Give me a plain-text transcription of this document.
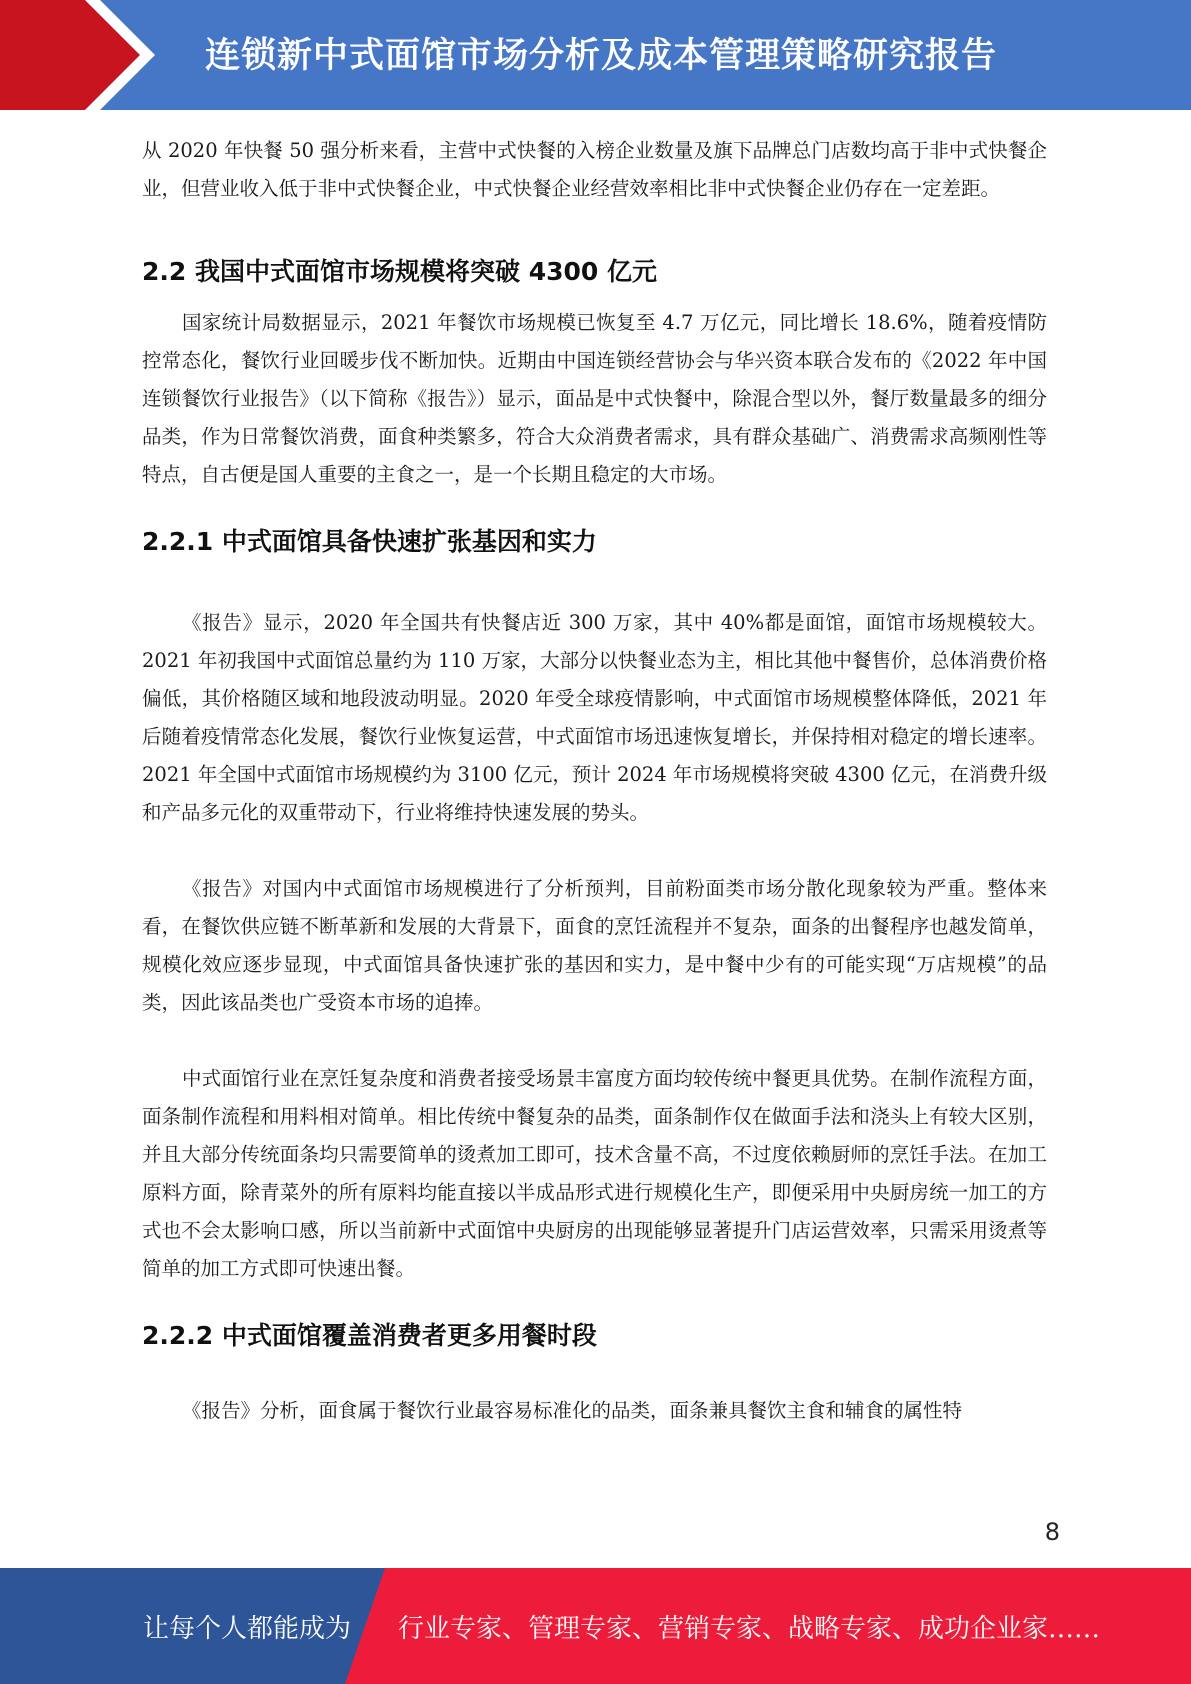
连锁新中式面馆市场分析及成本管理策略研究报告

从 2020 年快餐 50 强分析来看，主营中式快餐的入榜企业数量及旗下品牌总门店数均高于非中式快餐企业，但营业收入低于非中式快餐企业，中式快餐企业经营效率相比非中式快餐企业仍存在一定差距。

2.2 我国中式面馆市场规模将突破 4300 亿元

国家统计局数据显示，2021 年餐饮市场规模已恢复至 4.7 万亿元，同比增长 18.6%，随着疫情防控常态化，餐饮行业回暖步伐不断加快。近期由中国连锁经营协会与华兴资本联合发布的《2022 年中国连锁餐饮行业报告》（以下简称《报告》）显示，面品是中式快餐中，除混合型以外，餐厅数量最多的细分品类，作为日常餐饮消费，面食种类繁多，符合大众消费者需求，具有群众基础广、消费需求高频刚性等特点，自古便是国人重要的主食之一，是一个长期且稳定的大市场。

2.2.1 中式面馆具备快速扩张基因和实力

《报告》显示，2020 年全国共有快餐店近 300 万家，其中 40%都是面馆，面馆市场规模较大。2021 年初我国中式面馆总量约为 110 万家，大部分以快餐业态为主，相比其他中餐售价，总体消费价格偏低，其价格随区域和地段波动明显。2020 年受全球疫情影响，中式面馆市场规模整体降低，2021 年后随着疫情常态化发展，餐饮行业恢复运营，中式面馆市场迅速恢复增长，并保持相对稳定的增长速率。2021 年全国中式面馆市场规模约为 3100 亿元，预计 2024 年市场规模将突破 4300 亿元，在消费升级和产品多元化的双重带动下，行业将维持快速发展的势头。

《报告》对国内中式面馆市场规模进行了分析预判，目前粉面类市场分散化现象较为严重。整体来看，在餐饮供应链不断革新和发展的大背景下，面食的烹饪流程并不复杂，面条的出餐程序也越发简单，规模化效应逐步显现，中式面馆具备快速扩张的基因和实力，是中餐中少有的可能实现“万店规模”的品类，因此该品类也广受资本市场的追捧。

中式面馆行业在烹饪复杂度和消费者接受场景丰富度方面均较传统中餐更具优势。在制作流程方面，面条制作流程和用料相对简单。相比传统中餐复杂的品类，面条制作仅在做面手法和浇头上有较大区别，并且大部分传统面条均只需要简单的烫煮加工即可，技术含量不高，不过度依赖厨师的烹饪手法。在加工原料方面，除青菜外的所有原料均能直接以半成品形式进行规模化生产，即便采用中央厨房统一加工的方式也不会太影响口感，所以当前新中式面馆中央厨房的出现能够显著提升门店运营效率，只需采用烫煮等简单的加工方式即可快速出餐。

2.2.2 中式面馆覆盖消费者更多用餐时段

《报告》分析，面食属于餐饮行业最容易标准化的品类，面条兼具餐饮主食和辅食的属性特

8
让每个人都能成为 行业专家、管理专家、营销专家、战略专家、成功企业家……
